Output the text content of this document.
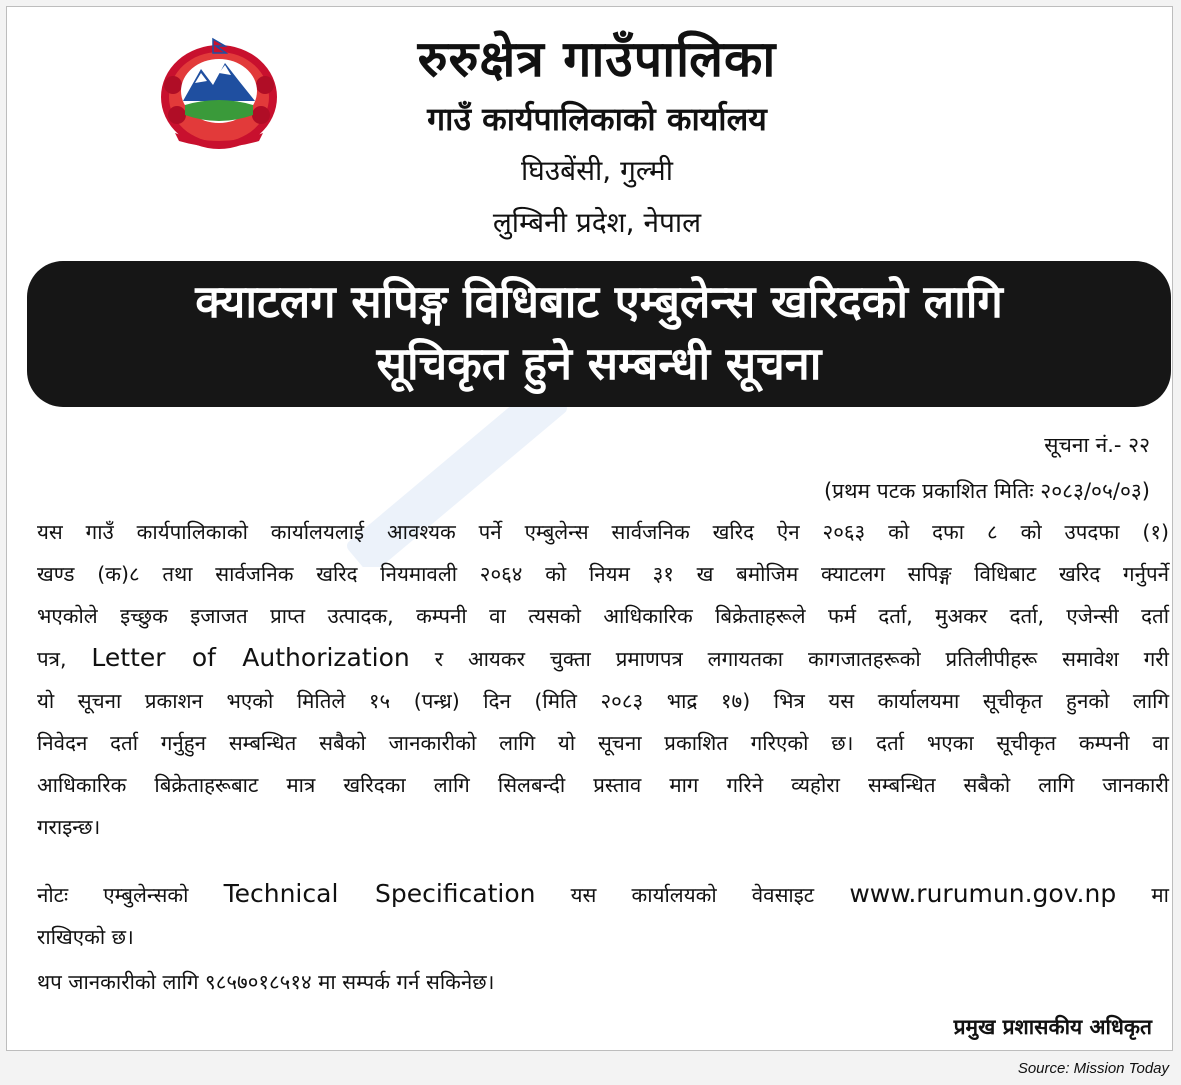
रुरुक्षेत्र गाउँपालिका
गाउँ कार्यपालिकाको कार्यालय
घिउबेंसी, गुल्मी
लुम्बिनी प्रदेश, नेपाल
क्याटलग सपिङ्ग विधिबाट एम्बुलेन्स खरिदको लागि
सूचिकृत हुने सम्बन्धी सूचना
सूचना नं.- २२
(प्रथम पटक प्रकाशित मितिः २०८३/०५/०३)
यस गाउँ कार्यपालिकाको कार्यालयलाई आवश्यक पर्ने एम्बुलेन्स सार्वजनिक खरिद ऐन २०६३ को दफा ८ को उपदफा (१)
खण्ड (क)८ तथा सार्वजनिक खरिद नियमावली २०६४ को नियम ३१ ख बमोजिम क्याटलग सपिङ्ग विधिबाट खरिद गर्नुपर्ने
भएकोले इच्छुक इजाजत प्राप्त उत्पादक, कम्पनी वा त्यसको आधिकारिक बिक्रेताहरूले फर्म दर्ता, मुअकर दर्ता, एजेन्सी दर्ता
पत्र, Letter of Authorization र आयकर चुक्ता प्रमाणपत्र लगायतका कागजातहरूको प्रतिलीपीहरू समावेश गरी
यो सूचना प्रकाशन भएको मितिले १५ (पन्ध्र) दिन (मिति २०८३ भाद्र १७) भित्र यस कार्यालयमा सूचीकृत हुनको लागि
निवेदन दर्ता गर्नुहुन सम्बन्धित सबैको जानकारीको लागि यो सूचना प्रकाशित गरिएको छ। दर्ता भएका सूचीकृत कम्पनी वा
आधिकारिक बिक्रेताहरूबाट मात्र खरिदका लागि सिलबन्दी प्रस्ताव माग गरिने व्यहोरा सम्बन्धित सबैको लागि जानकारी
गराइन्छ।
नोटः एम्बुलेन्सको Technical Specification यस कार्यालयको वेवसाइट www.rurumun.gov.np मा
राखिएको छ।
थप जानकारीको लागि ९८५७०१८५१४ मा सम्पर्क गर्न सकिनेछ।
प्रमुख प्रशासकीय अधिकृत
Source: Mission Today
